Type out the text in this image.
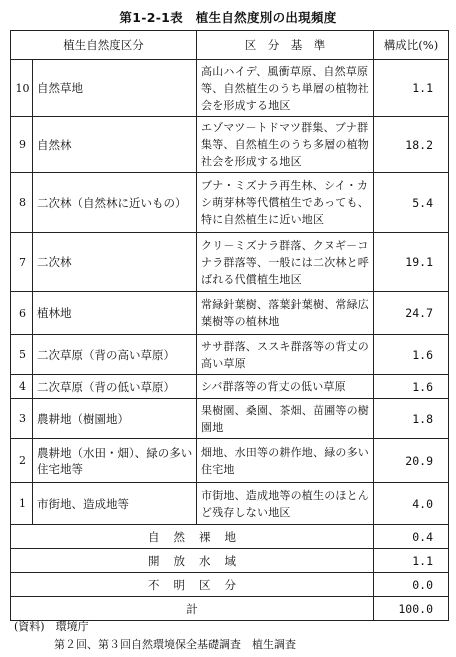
第1-2-1表　植生自然度別の出現頻度
植生自然度区分		区　分　基　準	構成比(%)
10	自然草地	高山ハイデ、風衝草原、自然草原等、自然植生のうち単層の植物社会を形成する地区	1.1
9	自然林	エゾマツ－トドマツ群集、ブナ群集等、自然植生のうち多層の植物社会を形成する地区	18.2
8	二次林（自然林に近いもの）	ブナ・ミズナラ再生林、シイ・カシ萌芽林等代償植生であっても、特に自然植生に近い地区	5.4
7	二次林	クリ－ミズナラ群落、クヌギ－コナラ群落等、一般には二次林と呼ばれる代償植生地区	19.1
6	植林地	常緑針葉樹、落葉針葉樹、常緑広葉樹等の植林地	24.7
5	二次草原（背の高い草原）	ササ群落、ススキ群落等の背丈の高い草原	1.6
4	二次草原（背の低い草原）	シバ群落等の背丈の低い草原	1.6
3	農耕地（樹園地）	果樹園、桑園、茶畑、苗圃等の樹園地	1.8
2	農耕地（水田・畑）、緑の多い住宅地等	畑地、水田等の耕作地、緑の多い住宅地	20.9
1	市街地、造成地等	市街地、造成地等の植生のほとんど残存しない地区	4.0
自然裸地			0.4
開放水域			1.1
不明区分			0.0
計			100.0
(資料)　環境庁
第２回、第３回自然環境保全基礎調査　植生調査
